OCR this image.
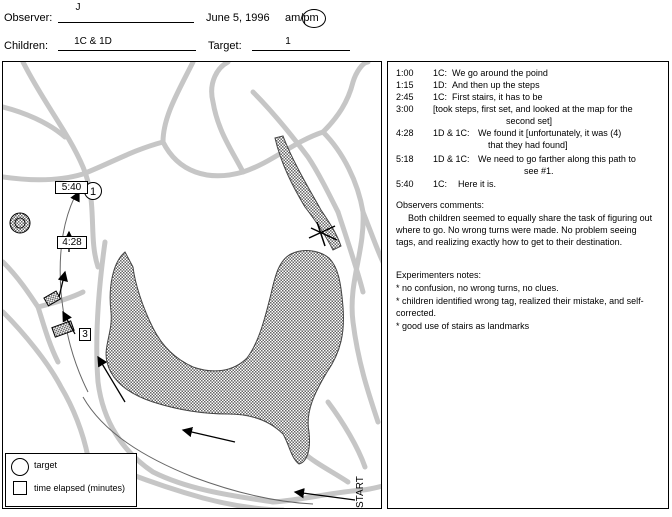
Observer:
J
June 5, 1996 am/pm
Children:	1C & 1D	Target:	1
1
START
5:40
4:28
3
target
time elapsed (minutes)
1:00 1C: We go around the poind
1:15 1D: And then up the steps
2:45 1C: First stairs, it has to be
3:00 [took steps, first set, and looked at the map for the
second set]
4:28 1D & 1C: We found it [unfortunately, it was (4)
that they had found]
5:18 1D & 1C: We need to go farther along this path to
see #1.
5:40 1C: Here it is.
Observers comments:
Both children seemed to equally share the task of figuring out where to go. No wrong turns were made. No problem seeing tags, and realizing exactly how to get to their destination.
Experimenters notes:
* no confusion, no wrong turns, no clues.
* children identified wrong tag, realized their mistake, and self-corrected.
* good use of stairs as landmarks
